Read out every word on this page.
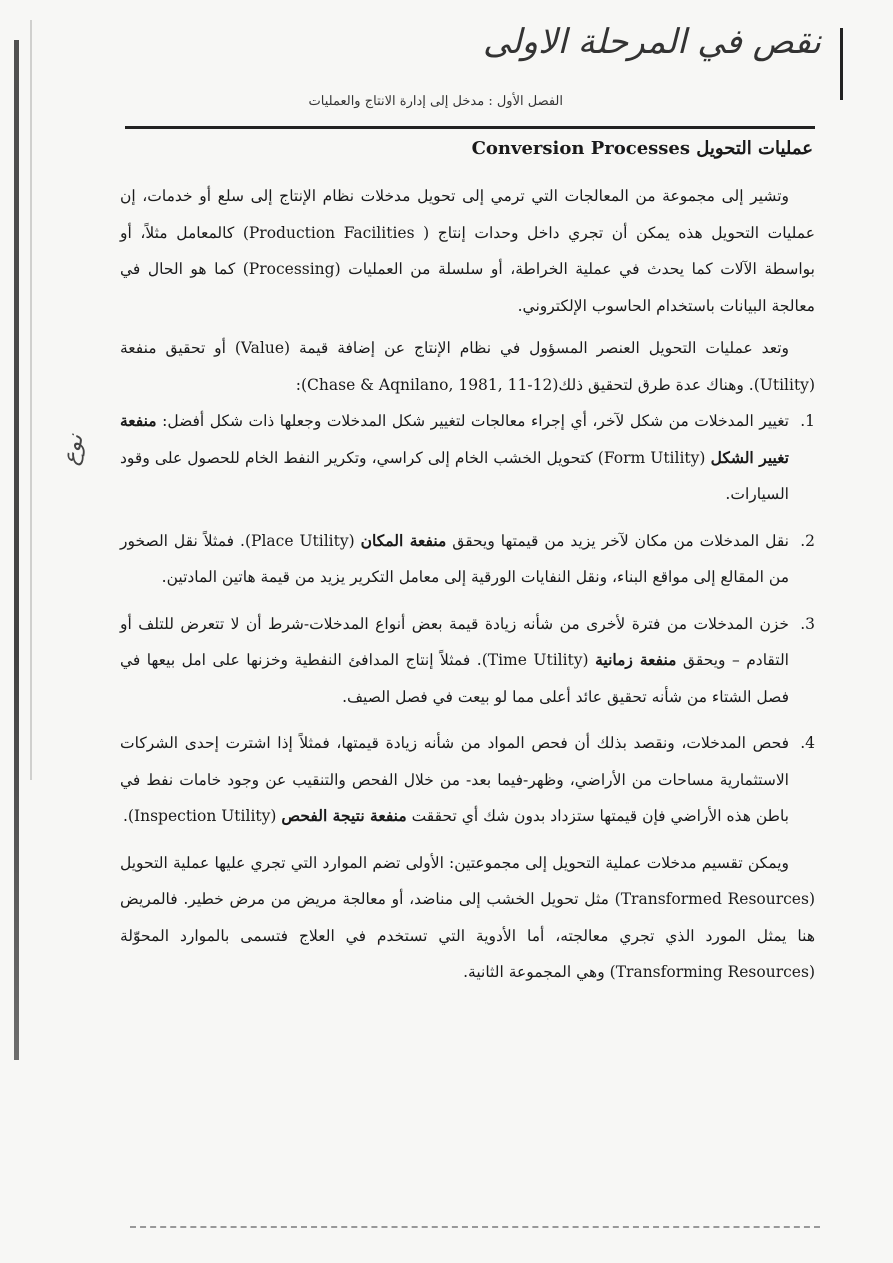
نقص في المرحلة الاولى
نوع
الفصل الأول : مدخل إلى إدارة الانتاج والعمليات
عمليات التحويل Conversion Processes

وتشير إلى مجموعة من المعالجات التي ترمي إلى تحويل مدخلات نظام الإنتاج إلى سلع أو خدمات، إن عمليات التحويل هذه يمكن أن تجري داخل وحدات إنتاج ( Production Facilities) كالمعامل مثلاً، أو بواسطة الآلات كما يحدث في عملية الخراطة، أو سلسلة من العمليات (Processing) كما هو الحال في معالجة البيانات باستخدام الحاسوب الإلكتروني.

وتعد عمليات التحويل العنصر المسؤول في نظام الإنتاج عن إضافة قيمة (Value) أو تحقيق منفعة (Utility). وهناك عدة طرق لتحقيق ذلك(Chase & Aqnilano, 1981, 11-12):

1.
تغيير المدخلات من شكل لآخر، أي إجراء معالجات لتغيير شكل المدخلات وجعلها ذات شكل أفضل: منفعة تغيير الشكل (Form Utility) كتحويل الخشب الخام إلى كراسي، وتكرير النفط الخام للحصول على وقود السيارات.
2.
نقل المدخلات من مكان لآخر يزيد من قيمتها ويحقق منفعة المكان (Place Utility). فمثلاً نقل الصخور من المقالع إلى مواقع البناء، ونقل النفايات الورقية إلى معامل التكرير يزيد من قيمة هاتين المادتين.
3.
خزن المدخلات من فترة لأخرى من شأنه زيادة قيمة بعض أنواع المدخلات-شرط أن لا تتعرض للتلف أو التقادم – ويحقق منفعة زمانية (Time Utility). فمثلاً إنتاج المدافئ النفطية وخزنها على امل بيعها في فصل الشتاء من شأنه تحقيق عائد أعلى مما لو بيعت في فصل الصيف.
4.
فحص المدخلات، ونقصد بذلك أن فحص المواد من شأنه زيادة قيمتها، فمثلاً إذا اشترت إحدى الشركات الاستثمارية مساحات من الأراضي، وظهر-فيما بعد- من خلال الفحص والتنقيب عن وجود خامات نفط في باطن هذه الأراضي فإن قيمتها ستزداد بدون شك أي تحققت منفعة نتيجة الفحص (Inspection Utility).

ويمكن تقسيم مدخلات عملية التحويل إلى مجموعتين: الأولى تضم الموارد التي تجري عليها عملية التحويل (Transformed Resources) مثل تحويل الخشب إلى مناضد، أو معالجة مريض من مرض خطير. فالمريض هنا يمثل المورد الذي تجري معالجته، أما الأدوية التي تستخدم في العلاج فتسمى بالموارد المحوّلة (Transforming Resources) وهي المجموعة الثانية.
